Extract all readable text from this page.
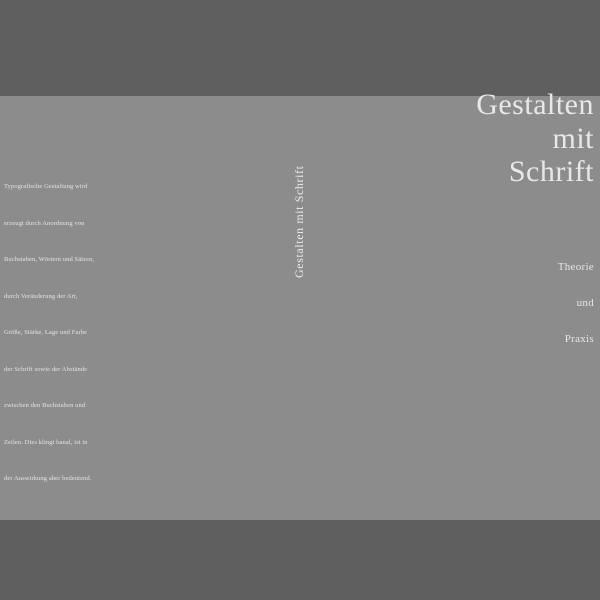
Gestalten
mit
Schrift
Theorie
und
Praxis
Gestalten mit Schrift
Typografische Gestaltung wird
erzeugt durch Anordnung von
Buchstaben, Wörtern und Sätzen,
durch Veränderung der Art,
Größe, Stärke, Lage und Farbe
der Schrift sowie der Abstände
zwischen den Buchstaben und
Zeilen. Dies klingt banal, ist in
der Auswirkung aber bedeutend.
